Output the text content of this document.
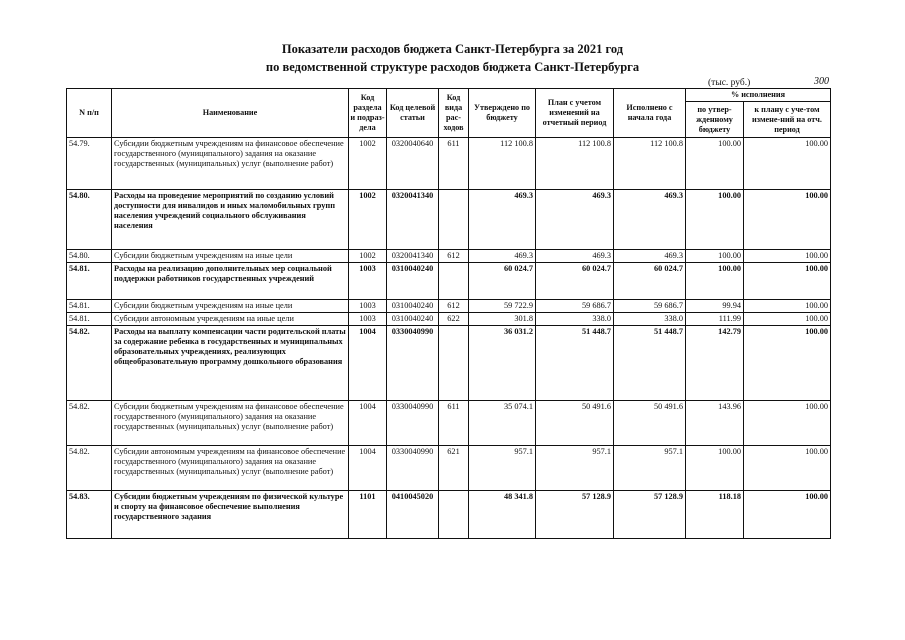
Показатели расходов бюджета Санкт-Петербурга за 2021 год
по ведомственной структуре расходов бюджета Санкт-Петербурга
(тыс. руб.)	300
N п/п	Наименование	Код раздела и подраз-дела	Код целевой статьи	Код вида рас-ходов	Утверждено по бюджету	План с учетом изменений на отчетный период	Исполнено с начала года	% исполнения	
								по утвер-жденному бюджету	к плану с уче-том измене-ний на отч. период
54.79.	Субсидии бюджетным учреждениям на финансовое обеспечение государственного (муниципального) задания на оказание государственных (муниципальных) услуг (выполнение работ)	1002	0320040640	611	112 100.8	112 100.8	112 100.8	100.00	100.00
54.80.	Расходы на проведение мероприятий по созданию условий доступности для инвалидов и иных маломобильных групп населения учреждений социального обслуживания населения	1002	0320041340		469.3	469.3	469.3	100.00	100.00
54.80.	Субсидии бюджетным учреждениям на иные цели	1002	0320041340	612	469.3	469.3	469.3	100.00	100.00
54.81.	Расходы на реализацию дополнительных мер социальной поддержки работников государственных учреждений	1003	0310040240		60 024.7	60 024.7	60 024.7	100.00	100.00
54.81.	Субсидии бюджетным учреждениям на иные цели	1003	0310040240	612	59 722.9	59 686.7	59 686.7	99.94	100.00
54.81.	Субсидии автономным учреждениям на иные цели	1003	0310040240	622	301.8	338.0	338.0	111.99	100.00
54.82.	Расходы на выплату компенсации части родительской платы за содержание ребенка в государственных и муниципальных образовательных учреждениях, реализующих общеобразовательную программу дошкольного образования	1004	0330040990		36 031.2	51 448.7	51 448.7	142.79	100.00
54.82.	Субсидии бюджетным учреждениям на финансовое обеспечение государственного (муниципального) задания на оказание государственных (муниципальных) услуг (выполнение работ)	1004	0330040990	611	35 074.1	50 491.6	50 491.6	143.96	100.00
54.82.	Субсидии автономным учреждениям на финансовое обеспечение государственного (муниципального) задания на оказание государственных (муниципальных) услуг (выполнение работ)	1004	0330040990	621	957.1	957.1	957.1	100.00	100.00
54.83.	Субсидии бюджетным учреждениям по физической культуре и спорту на финансовое обеспечение выполнения государственного задания	1101	0410045020		48 341.8	57 128.9	57 128.9	118.18	100.00
